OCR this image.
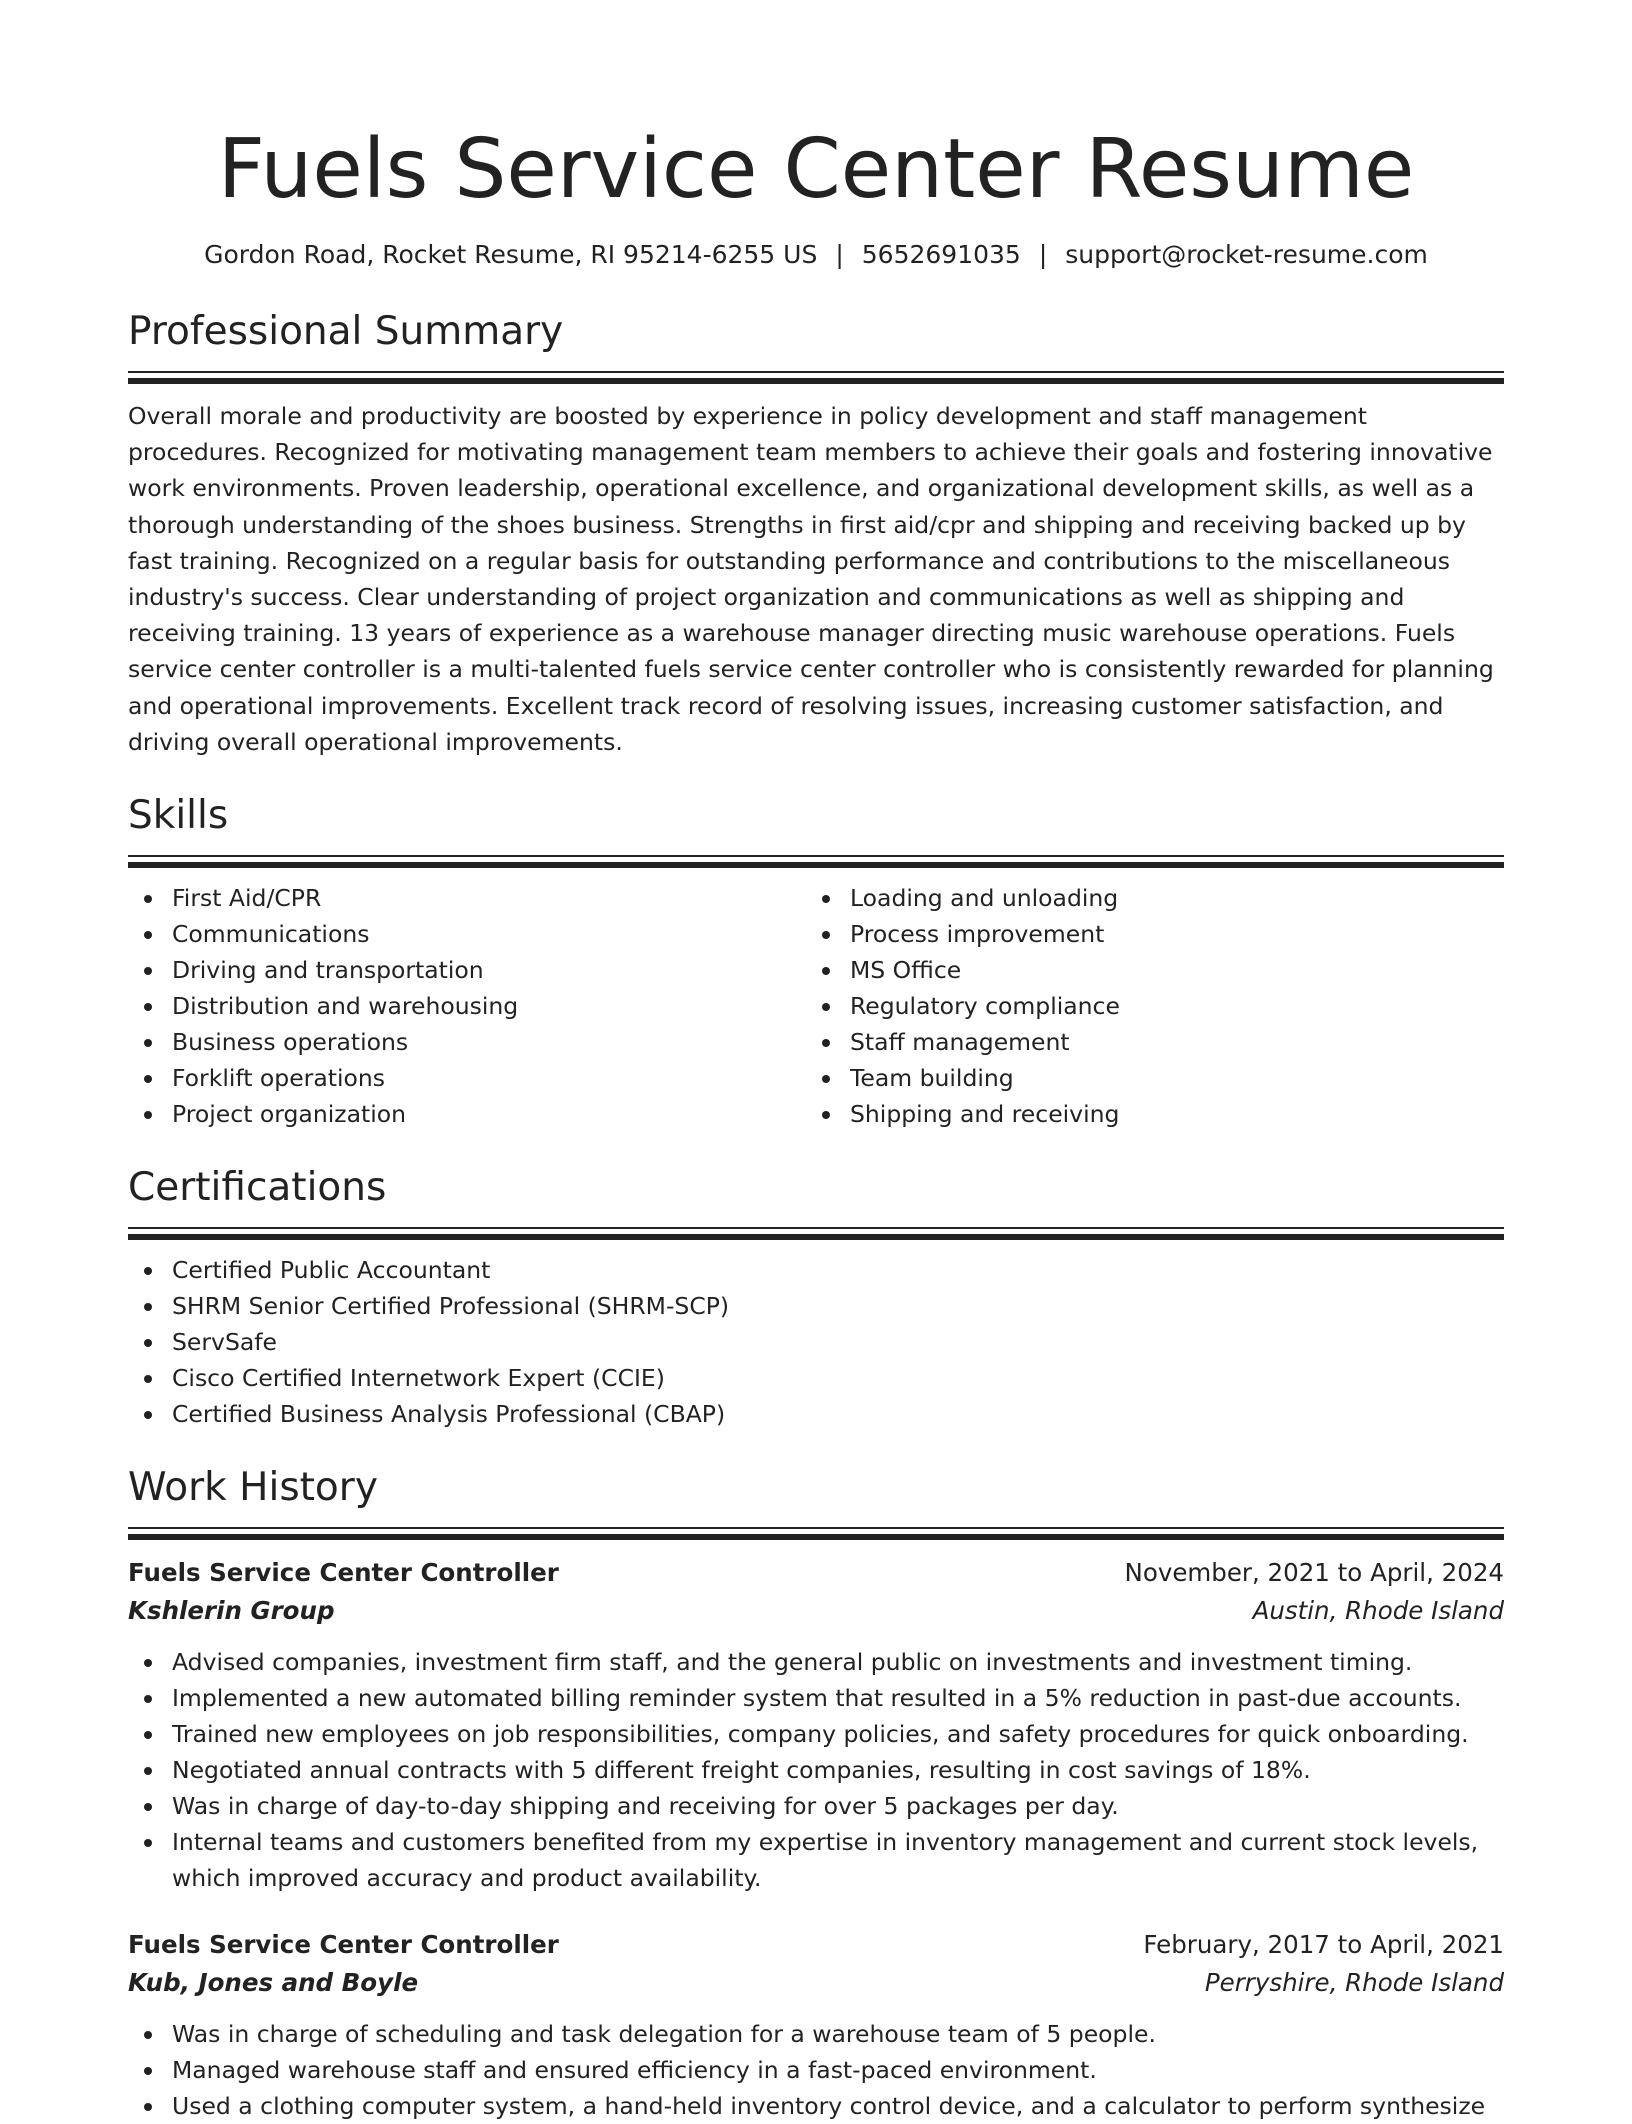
Fuels Service Center Resume
Gordon Road, Rocket Resume, RI 95214-6255 US | 5652691035 | support@rocket-resume.com
Professional Summary

Overall morale and productivity are boosted by experience in policy development and staff management procedures. Recognized for motivating management team members to achieve their goals and fostering innovative work environments. Proven leadership, operational excellence, and organizational development skills, as well as a thorough understanding of the shoes business. Strengths in first aid/cpr and shipping and receiving backed up by fast training. Recognized on a regular basis for outstanding performance and contributions to the miscellaneous industry's success. Clear understanding of project organization and communications as well as shipping and receiving training. 13 years of experience as a warehouse manager directing music warehouse operations. Fuels service center controller is a multi-talented fuels service center controller who is consistently rewarded for planning and operational improvements. Excellent track record of resolving issues, increasing customer satisfaction, and driving overall operational improvements.

Skills
First Aid/CPR
Communications
Driving and transportation
Distribution and warehousing
Business operations
Forklift operations
Project organization
Loading and unloading
Process improvement
MS Office
Regulatory compliance
Staff management
Team building
Shipping and receiving
Certifications
Certified Public Accountant
SHRM Senior Certified Professional (SHRM-SCP)
ServSafe
Cisco Certified Internetwork Expert (CCIE)
Certified Business Analysis Professional (CBAP)
Work History
Fuels Service Center Controller	November, 2021 to April, 2024
Kshlerin Group	Austin, Rhode Island
Advised companies, investment firm staff, and the general public on investments and investment timing.
Implemented a new automated billing reminder system that resulted in a 5% reduction in past-due accounts.
Trained new employees on job responsibilities, company policies, and safety procedures for quick onboarding.
Negotiated annual contracts with 5 different freight companies, resulting in cost savings of 18%.
Was in charge of day-to-day shipping and receiving for over 5 packages per day.
Internal teams and customers benefited from my expertise in inventory management and current stock levels, which improved accuracy and product availability.
Fuels Service Center Controller	February, 2017 to April, 2021
Kub, Jones and Boyle	Perryshire, Rhode Island
Was in charge of scheduling and task delegation for a warehouse team of 5 people.
Managed warehouse staff and ensured efficiency in a fast-paced environment.
Used a clothing computer system, a hand-held inventory control device, and a calculator to perform synthesize
